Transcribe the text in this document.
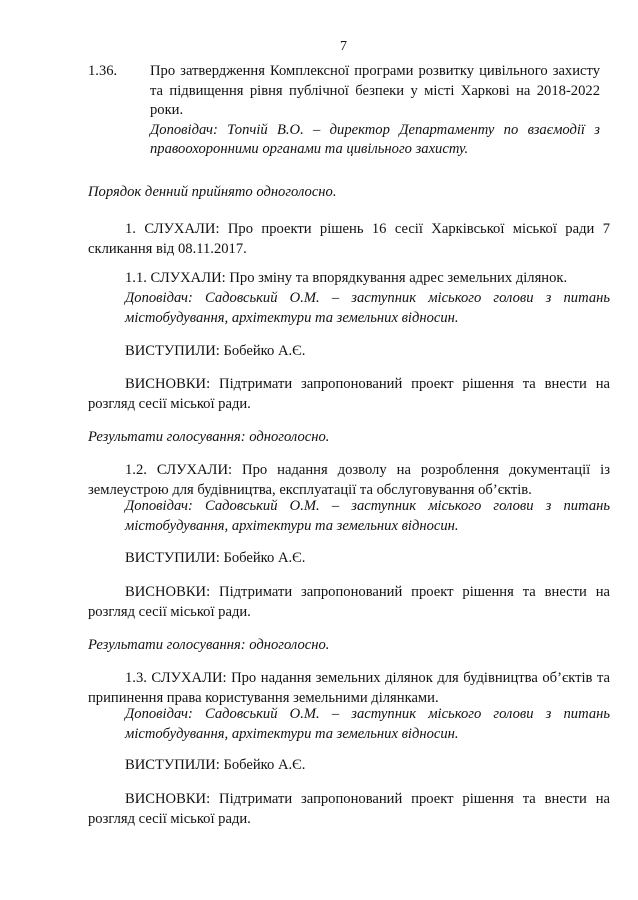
7
1.36. Про затвердження Комплексної програми розвитку цивільного захисту та підвищення рівня публічної безпеки у місті Харкові на 2018-2022 роки.

Доповідач: Топчій В.О. – директор Департаменту по взаємодії з правоохоронними органами та цивільного захисту.

Порядок денний прийнято одноголосно.

1. СЛУХАЛИ: Про проекти рішень 16 сесії Харківської міської ради 7 скликання від 08.11.2017.

1.1. СЛУХАЛИ: Про зміну та впорядкування адрес земельних ділянок.

Доповідач: Садовський О.М. – заступник міського голови з питань містобудування, архітектури та земельних відносин.

ВИСТУПИЛИ: Бобейко А.Є.

ВИСНОВКИ: Підтримати запропонований проект рішення та внести на розгляд сесії міської ради.

Результати голосування: одноголосно.

1.2. СЛУХАЛИ: Про надання дозволу на розроблення документації із землеустрою для будівництва, експлуатації та обслуговування об’єктів.

Доповідач: Садовський О.М. – заступник міського голови з питань містобудування, архітектури та земельних відносин.

ВИСТУПИЛИ: Бобейко А.Є.

ВИСНОВКИ: Підтримати запропонований проект рішення та внести на розгляд сесії міської ради.

Результати голосування: одноголосно.

1.3. СЛУХАЛИ: Про надання земельних ділянок для будівництва об’єктів та припинення права користування земельними ділянками.

Доповідач: Садовський О.М. – заступник міського голови з питань містобудування, архітектури та земельних відносин.

ВИСТУПИЛИ: Бобейко А.Є.

ВИСНОВКИ: Підтримати запропонований проект рішення та внести на розгляд сесії міської ради.
